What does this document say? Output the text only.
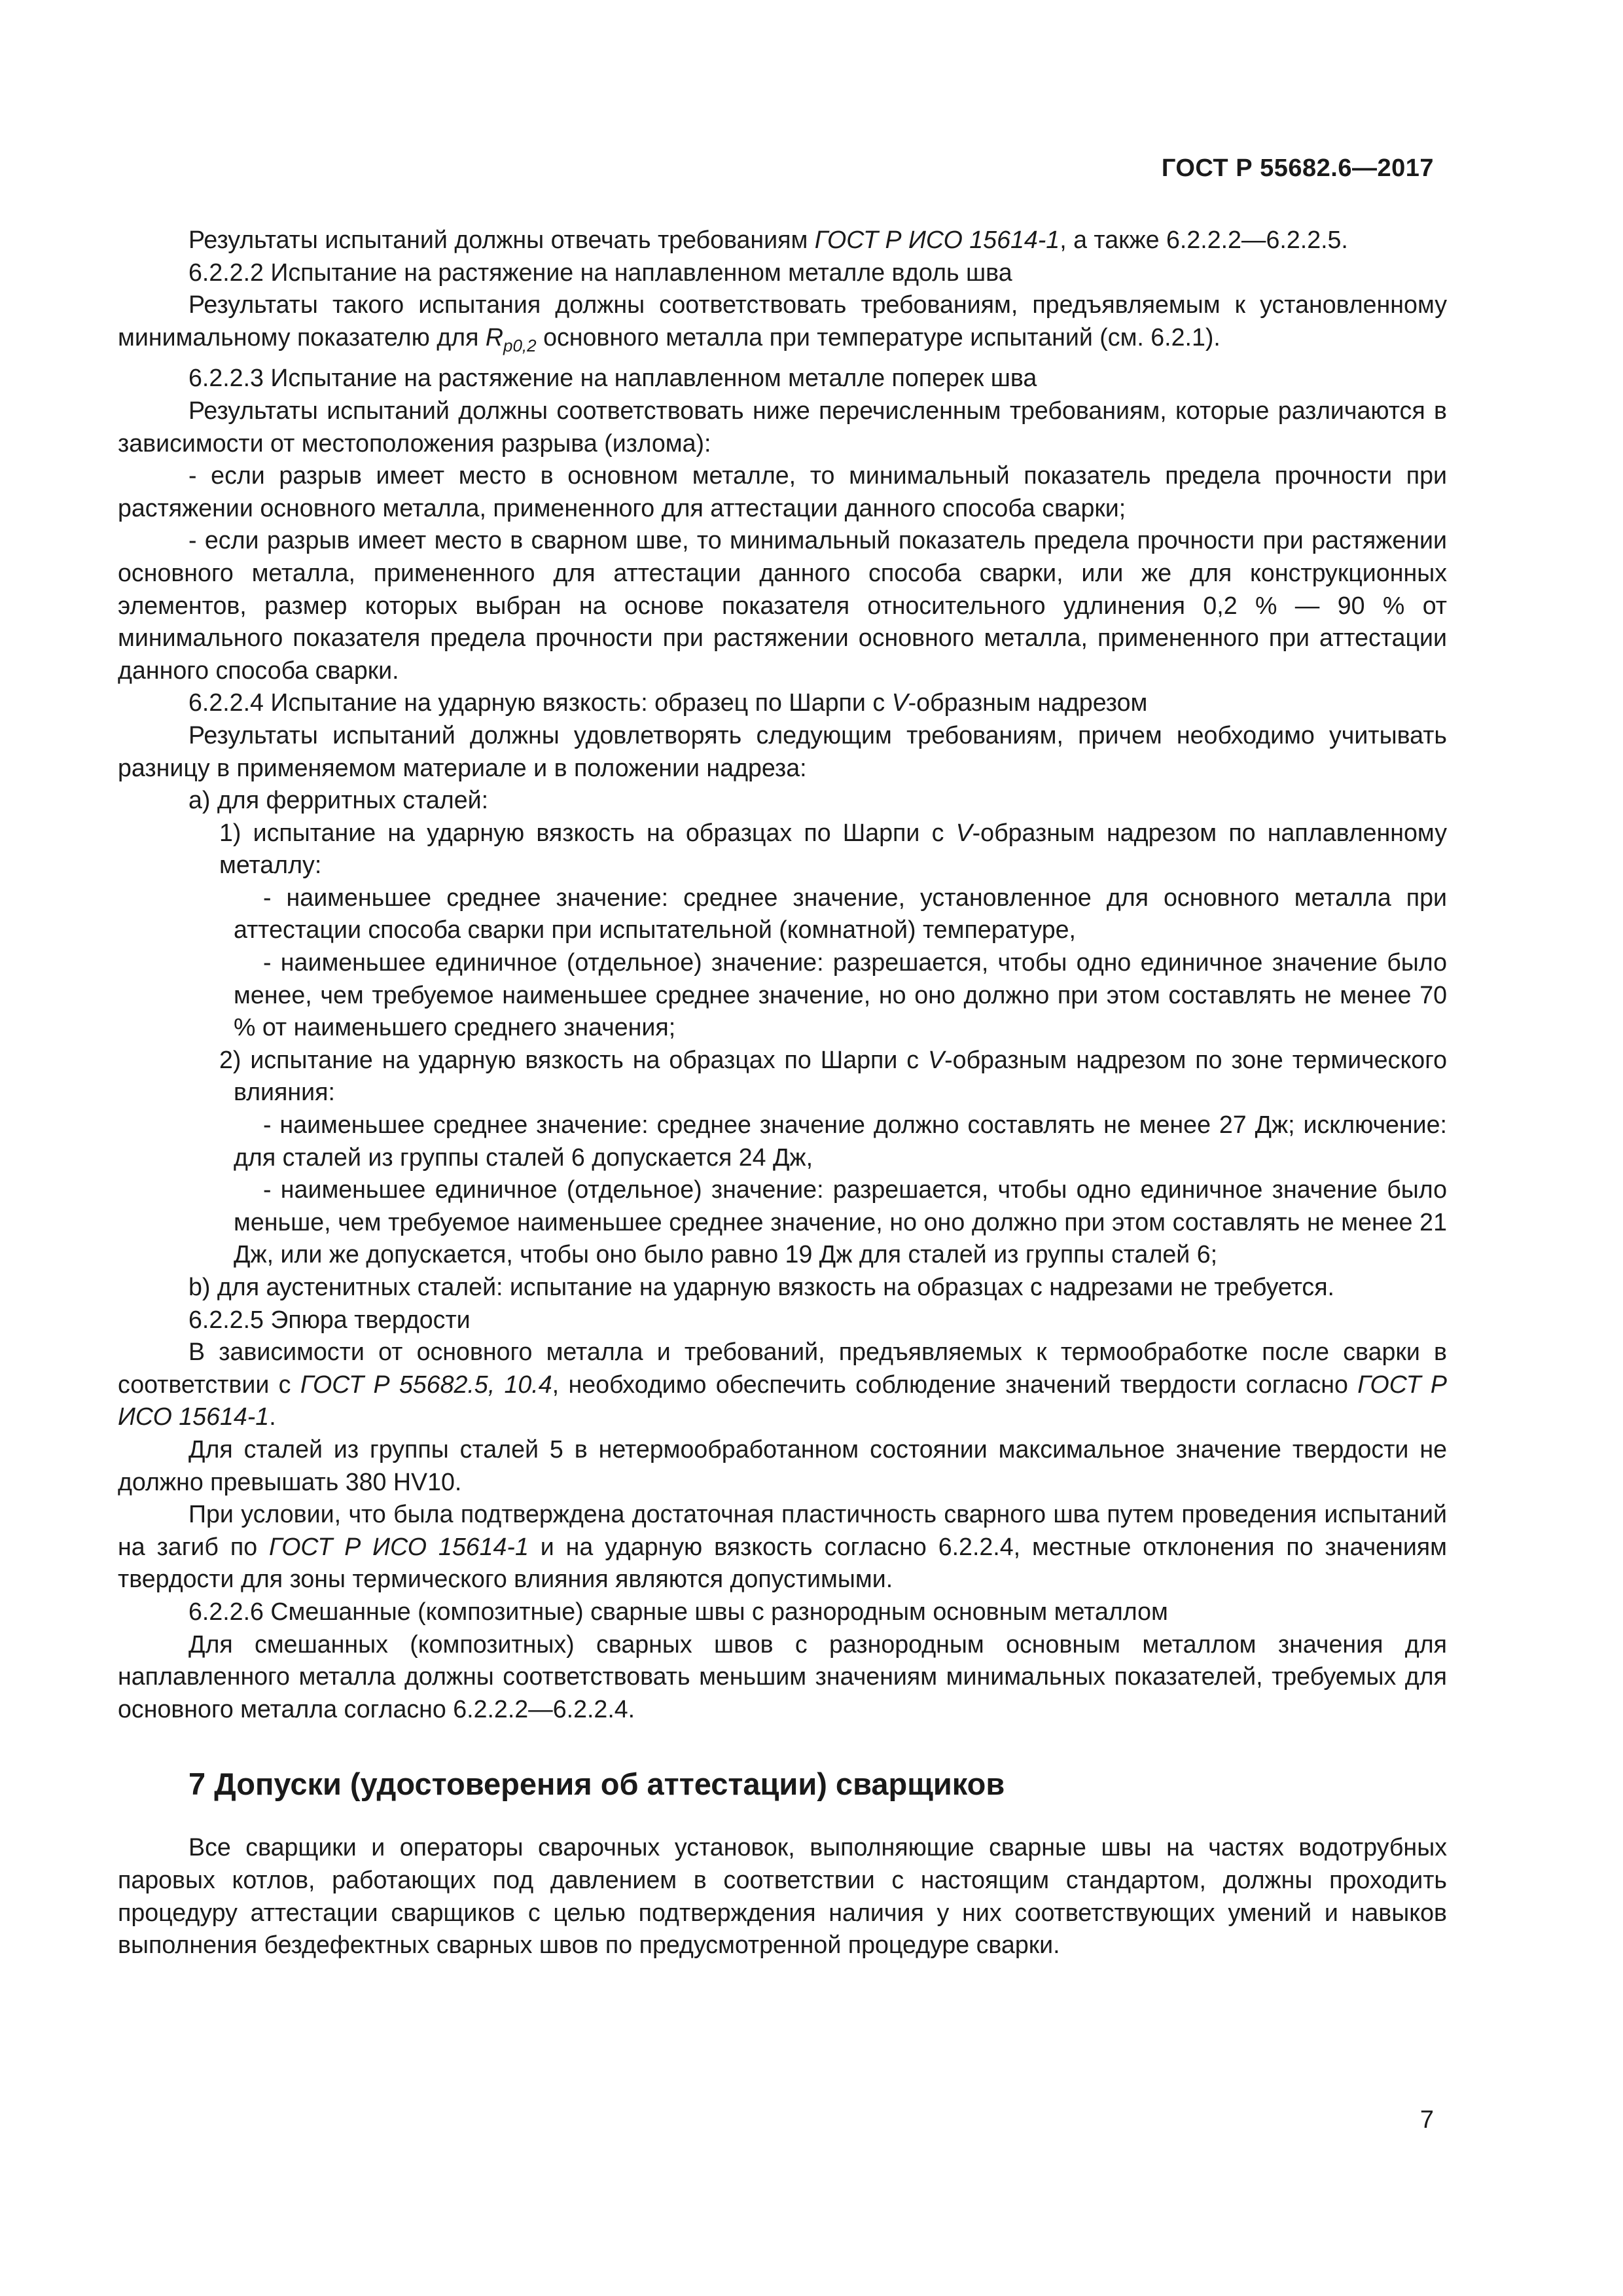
ГОСТ Р 55682.6—2017

Результаты испытаний должны отвечать требованиям ГОСТ Р ИСО 15614-1, а также 6.2.2.2—6.2.2.5.

6.2.2.2 Испытание на растяжение на наплавленном металле вдоль шва

Результаты такого испытания должны соответствовать требованиям, предъявляемым к установленному минимальному показателю для $R_{p0,2}$ основного металла при температуре испытаний (см. 6.2.1).

6.2.2.3 Испытание на растяжение на наплавленном металле поперек шва

Результаты испытаний должны соответствовать ниже перечисленным требованиям, которые различаются в зависимости от местоположения разрыва (излома):

- если разрыв имеет место в основном металле, то минимальный показатель предела прочности при растяжении основного металла, примененного для аттестации данного способа сварки;

- если разрыв имеет место в сварном шве, то минимальный показатель предела прочности при растяжении основного металла, примененного для аттестации данного способа сварки, или же для конструкционных элементов, размер которых выбран на основе показателя относительного удлинения 0,2 % — 90 % от минимального показателя предела прочности при растяжении основного металла, примененного при аттестации данного способа сварки.

6.2.2.4 Испытание на ударную вязкость: образец по Шарпи с V-образным надрезом

Результаты испытаний должны удовлетворять следующим требованиям, причем необходимо учитывать разницу в применяемом материале и в положении надреза:

а) для ферритных сталей:

1) испытание на ударную вязкость на образцах по Шарпи с V-образным надрезом по наплавленному металлу:

- наименьшее среднее значение: среднее значение, установленное для основного металла при аттестации способа сварки при испытательной (комнатной) температуре,

- наименьшее единичное (отдельное) значение: разрешается, чтобы одно единичное значение было менее, чем требуемое наименьшее среднее значение, но оно должно при этом составлять не менее 70 % от наименьшего среднего значения;

2) испытание на ударную вязкость на образцах по Шарпи с V-образным надрезом по зоне термического влияния:

- наименьшее среднее значение: среднее значение должно составлять не менее 27 Дж; исключение: для сталей из группы сталей 6 допускается 24 Дж,

- наименьшее единичное (отдельное) значение: разрешается, чтобы одно единичное значение было меньше, чем требуемое наименьшее среднее значение, но оно должно при этом составлять не менее 21 Дж, или же допускается, чтобы оно было равно 19 Дж для сталей из группы сталей 6;

b) для аустенитных сталей: испытание на ударную вязкость на образцах с надрезами не требуется.

6.2.2.5 Эпюра твердости

В зависимости от основного металла и требований, предъявляемых к термообработке после сварки в соответствии с ГОСТ Р 55682.5, 10.4, необходимо обеспечить соблюдение значений твердости согласно ГОСТ Р ИСО 15614-1.

Для сталей из группы сталей 5 в нетермообработанном состоянии максимальное значение твердости не должно превышать 380 HV10.

При условии, что была подтверждена достаточная пластичность сварного шва путем проведения испытаний на загиб по ГОСТ Р ИСО 15614-1 и на ударную вязкость согласно 6.2.2.4, местные отклонения по значениям твердости для зоны термического влияния являются допустимыми.

6.2.2.6 Смешанные (композитные) сварные швы с разнородным основным металлом

Для смешанных (композитных) сварных швов с разнородным основным металлом значения для наплавленного металла должны соответствовать меньшим значениям минимальных показателей, требуемых для основного металла согласно 6.2.2.2—6.2.2.4.

7 Допуски (удостоверения об аттестации) сварщиков

Все сварщики и операторы сварочных установок, выполняющие сварные швы на частях водотрубных паровых котлов, работающих под давлением в соответствии с настоящим стандартом, должны проходить процедуру аттестации сварщиков с целью подтверждения наличия у них соответствующих умений и навыков выполнения бездефектных сварных швов по предусмотренной процедуре сварки.

7
